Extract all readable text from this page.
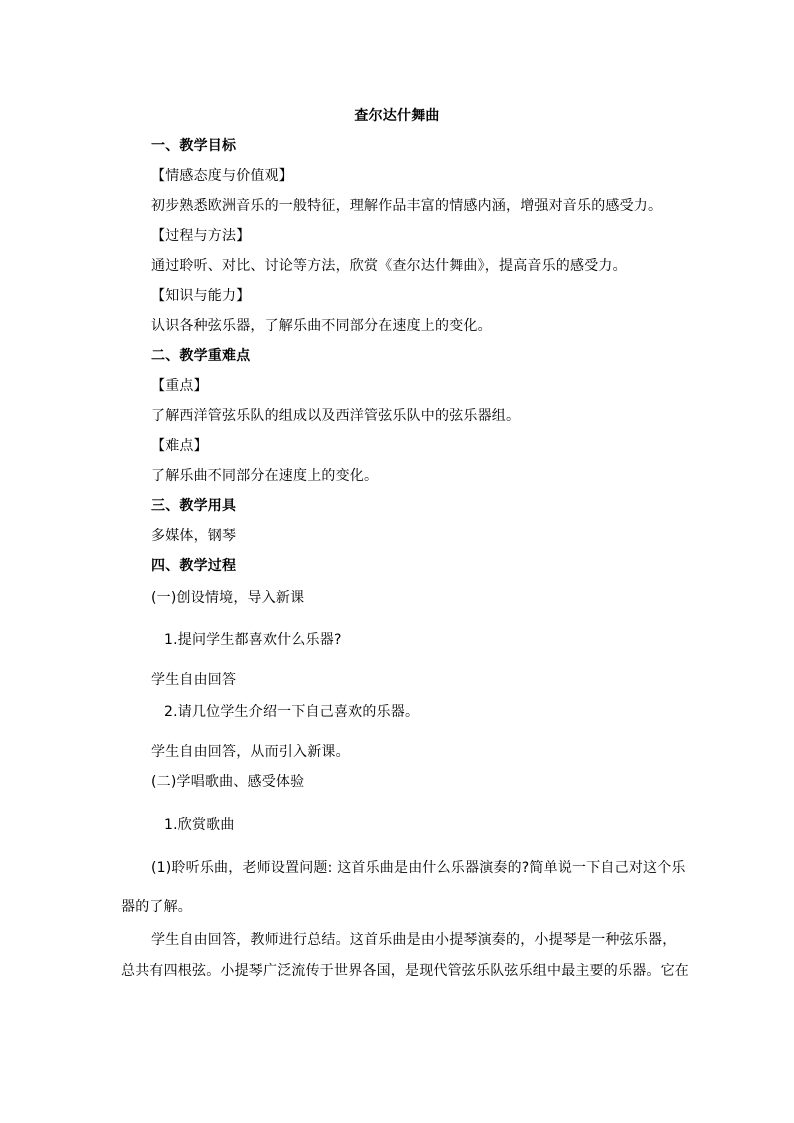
查尔达什舞曲

一、教学目标

【情感态度与价值观】

初步熟悉欧洲音乐的一般特征，理解作品丰富的情感内涵，增强对音乐的感受力。

【过程与方法】

通过聆听、对比、讨论等方法，欣赏《查尔达什舞曲》，提高音乐的感受力。

【知识与能力】

认识各种弦乐器，了解乐曲不同部分在速度上的变化。

二、教学重难点

【重点】

了解西洋管弦乐队的组成以及西洋管弦乐队中的弦乐器组。

【难点】

了解乐曲不同部分在速度上的变化。

三、教学用具

多媒体，钢琴

四、教学过程

(一)创设情境，导入新课

1.提问学生都喜欢什么乐器?

学生自由回答

2.请几位学生介绍一下自己喜欢的乐器。

学生自由回答，从而引入新课。

(二)学唱歌曲、感受体验

1.欣赏歌曲

(1)聆听乐曲，老师设置问题: 这首乐曲是由什么乐器演奏的?简单说一下自己对这个乐

器的了解。

学生自由回答，教师进行总结。这首乐曲是由小提琴演奏的，小提琴是一种弦乐器，

总共有四根弦。小提琴广泛流传于世界各国，是现代管弦乐队弦乐组中最主要的乐器。它在
